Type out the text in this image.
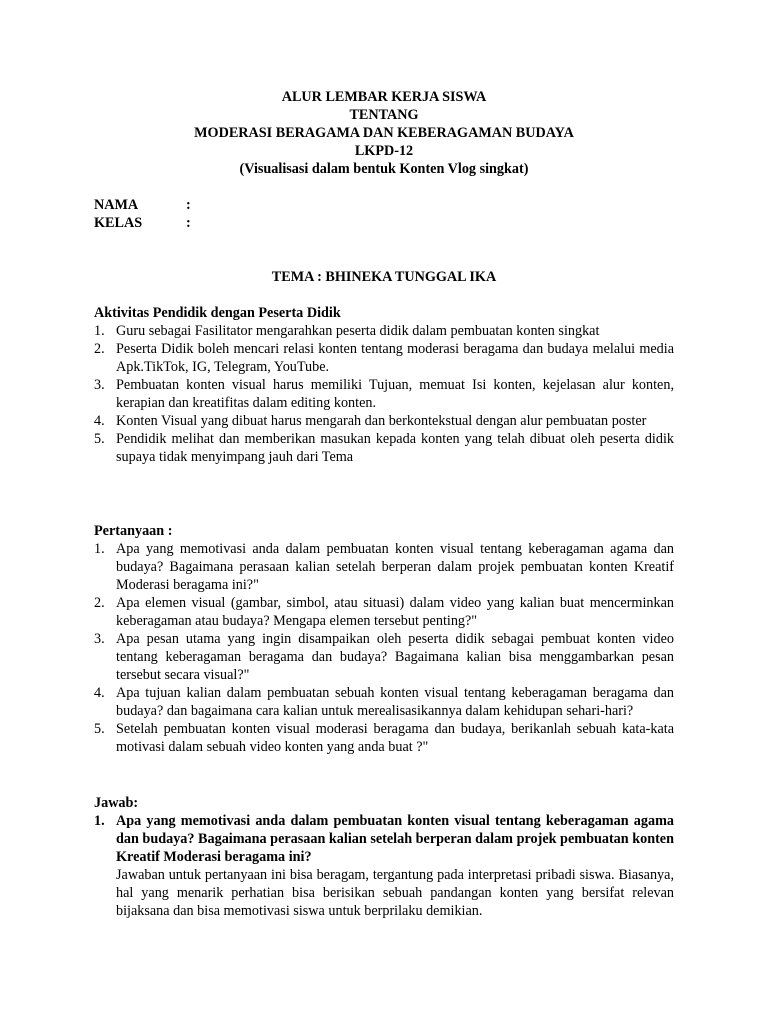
ALUR LEMBAR KERJA SISWA
TENTANG
MODERASI BERAGAMA DAN KEBERAGAMAN BUDAYA
LKPD-12
(Visualisasi dalam bentuk Konten Vlog singkat)
NAMA	:
KELAS	:
TEMA : BHINEKA TUNGGAL IKA
Aktivitas Pendidik dengan Peserta Didik
1. Guru sebagai Fasilitator mengarahkan peserta didik dalam pembuatan konten singkat
2. Peserta Didik boleh mencari relasi konten tentang moderasi beragama dan budaya melalui media Apk.TikTok, IG, Telegram, YouTube.
3. Pembuatan konten visual harus memiliki Tujuan, memuat Isi konten, kejelasan alur konten, kerapian dan kreatifitas dalam editing konten.
4. Konten Visual yang dibuat harus mengarah dan berkontekstual dengan alur pembuatan poster
5. Pendidik melihat dan memberikan masukan kepada konten yang telah dibuat oleh peserta didik supaya tidak menyimpang jauh dari Tema
Pertanyaan :
1. Apa yang memotivasi anda dalam pembuatan konten visual tentang keberagaman agama dan budaya? Bagaimana perasaan kalian setelah berperan dalam projek pembuatan konten Kreatif Moderasi beragama ini?"
2. Apa elemen visual (gambar, simbol, atau situasi) dalam video yang kalian buat mencerminkan keberagaman atau budaya? Mengapa elemen tersebut penting?"
3. Apa pesan utama yang ingin disampaikan oleh peserta didik sebagai pembuat konten video tentang keberagaman beragama dan budaya? Bagaimana kalian bisa menggambarkan pesan tersebut secara visual?"
4. Apa tujuan kalian dalam pembuatan sebuah konten visual tentang keberagaman beragama dan budaya? dan bagaimana cara kalian untuk merealisasikannya dalam kehidupan sehari-hari?
5. Setelah pembuatan konten visual moderasi beragama dan budaya, berikanlah sebuah kata-kata motivasi dalam sebuah video konten yang anda buat ?"
Jawab:
1. Apa yang memotivasi anda dalam pembuatan konten visual tentang keberagaman agama dan budaya? Bagaimana perasaan kalian setelah berperan dalam projek pembuatan konten Kreatif Moderasi beragama ini?
Jawaban untuk pertanyaan ini bisa beragam, tergantung pada interpretasi pribadi siswa. Biasanya, hal yang menarik perhatian bisa berisikan sebuah pandangan konten yang bersifat relevan bijaksana dan bisa memotivasi siswa untuk berprilaku demikian.
